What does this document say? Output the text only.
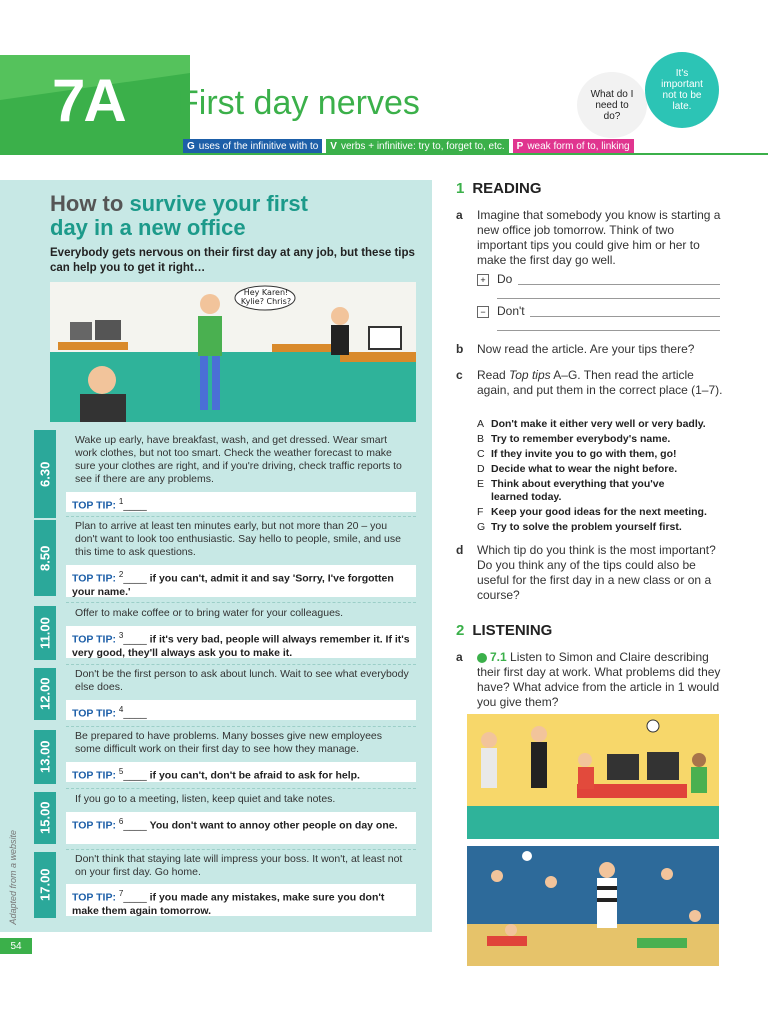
7A First day nerves	What do I need to do?
It's important not to be late.
G uses of the infinitive with to V verbs + infinitive: try to, forget to, etc. P weak form of to, linking
How to survive your first
day in a new office
Everybody gets nervous on their first day at any job, but these tips can help you to get it right…
Hey Karen! Kylie? Chris?
6.30
Wake up early, have breakfast, wash, and get dressed. Wear smart work clothes, but not too smart. Check the weather forecast to make sure your clothes are right, and if you're driving, check traffic reports to see if there are any problems.
TOP TIP: $^1$____
8.50
Plan to arrive at least ten minutes early, but not more than 20 – you don't want to look too enthusiastic. Say hello to people, smile, and use this time to ask questions.
TOP TIP: $^2$____ if you can't, admit it and say 'Sorry, I've forgotten your name.'
11.00
Offer to make coffee or to bring water for your colleagues.
TOP TIP: $^3$____ if it's very bad, people will always remember it. If it's very good, they'll always ask you to make it.
12.00
Don't be the first person to ask about lunch. Wait to see what everybody else does.
TOP TIP: $^4$____
13.00
Be prepared to have problems. Many bosses give new employees some difficult work on their first day to see how they manage.
TOP TIP: $^5$____ if you can't, don't be afraid to ask for help.
15.00
If you go to a meeting, listen, keep quiet and take notes.
TOP TIP: $^6$____ You don't want to annoy other people on day one.
17.00
Don't think that staying late will impress your boss. It won't, at least not on your first day. Go home.
TOP TIP: $^7$____ if you made any mistakes, make sure you don't make them again tomorrow.
Adapted from a website
54
1 READING
a Imagine that somebody you know is starting a new office job tomorrow. Think of two important tips you could give him or her to make the first day go well.
+ Do
− Don't
b Now read the article. Are your tips there?
c Read Top tips A–G. Then read the article again, and put them in the correct place (1–7).
A Don't make it either very well or very badly.
B Try to remember everybody's name.
C If they invite you to go with them, go!
D Decide what to wear the night before.
E Think about everything that you've
learned today.
F Keep your good ideas for the next meeting.
G Try to solve the problem yourself first.
d Which tip do you think is the most important? Do you think any of the tips could also be useful for the first day in a new class or on a course?
2 LISTENING
a	7.1 Listen to Simon and Claire describing their first day at work. What problems did they have? What advice from the article in 1 would you give them?
